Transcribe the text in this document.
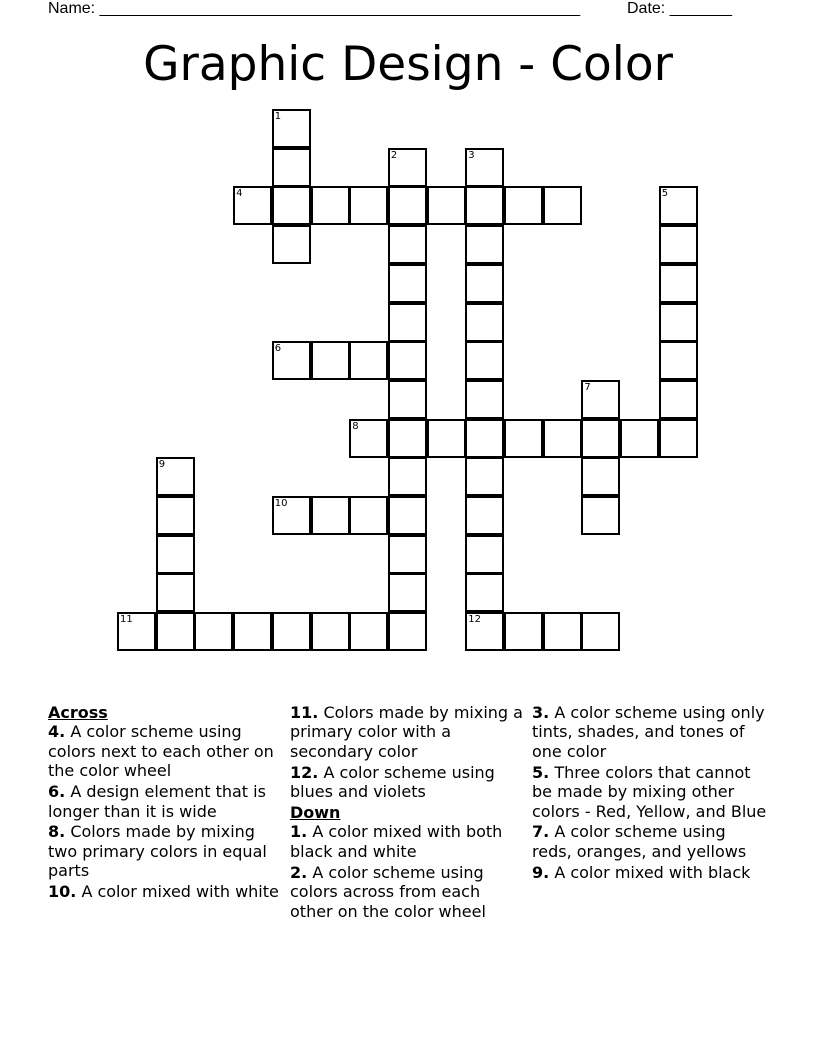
Name: ______________________________________________________	Date: _______
Graphic Design - Color
1
2	3
4	5
6
7
8
9
10
11	12
Across
4. A color scheme using colors next to each other on the color wheel
6. A design element that is longer than it is wide
8. Colors made by mixing two primary colors in equal parts
10. A color mixed with white
11. Colors made by mixing a primary color with a secondary color
12. A color scheme using blues and violets
Down
1. A color mixed with both black and white
2. A color scheme using colors across from each other on the color wheel
3. A color scheme using only tints, shades, and tones of one color
5. Three colors that cannot be made by mixing other colors - Red, Yellow, and Blue
7. A color scheme using reds, oranges, and yellows
9. A color mixed with black
